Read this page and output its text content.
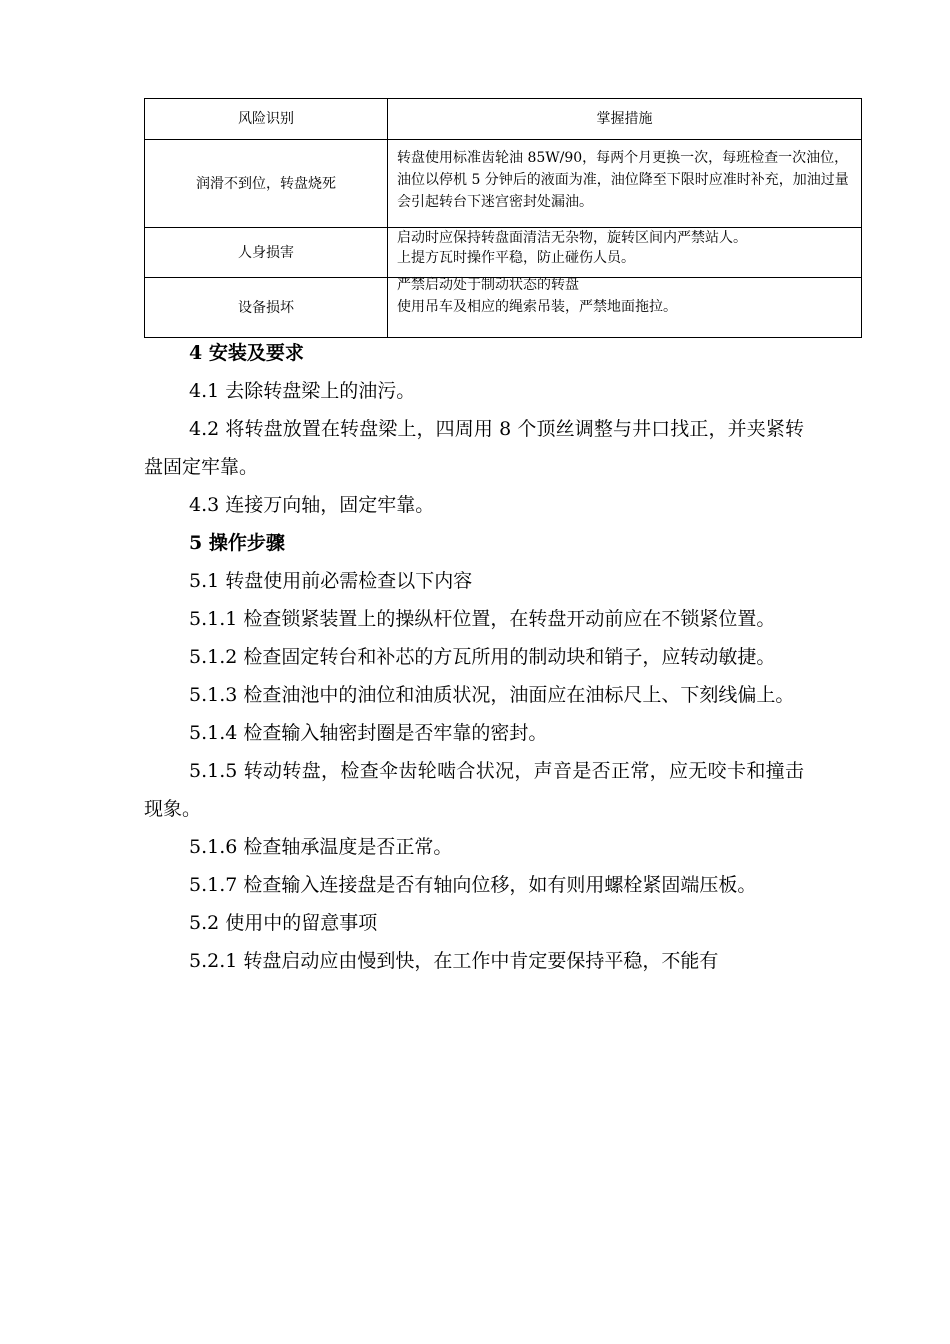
风险识别	掌握措施
润滑不到位，转盘烧死	转盘使用标准齿轮油 85W/90，每两个月更换一次，每班检查一次油位，油位以停机 5 分钟后的液面为准，油位降至下限时应准时补充，加油过量会引起转台下迷宫密封处漏油。

人身损害	启动时应保持转盘面清洁无杂物，旋转区间内严禁站人。
上提方瓦时操作平稳，防止碰伤人员。

设备损坏	严禁启动处于制动状态的转盘
使用吊车及相应的绳索吊装，严禁地面拖拉。

4 安装及要求

4.1 去除转盘梁上的油污。

4.2 将转盘放置在转盘梁上，四周用 8 个顶丝调整与井口找正，并夹紧转盘固定牢靠。

4.3 连接万向轴，固定牢靠。

5 操作步骤

5.1 转盘使用前必需检查以下内容

5.1.1 检查锁紧装置上的操纵杆位置，在转盘开动前应在不锁紧位置。

5.1.2 检查固定转台和补芯的方瓦所用的制动块和销子，应转动敏捷。

5.1.3 检查油池中的油位和油质状况，油面应在油标尺上、下刻线偏上。

5.1.4 检查输入轴密封圈是否牢靠的密封。

5.1.5 转动转盘，检查伞齿轮啮合状况，声音是否正常，应无咬卡和撞击现象。

5.1.6 检查轴承温度是否正常。

5.1.7 检查输入连接盘是否有轴向位移，如有则用螺栓紧固端压板。

5.2 使用中的留意事项

5.2.1 转盘启动应由慢到快，在工作中肯定要保持平稳，不能有
